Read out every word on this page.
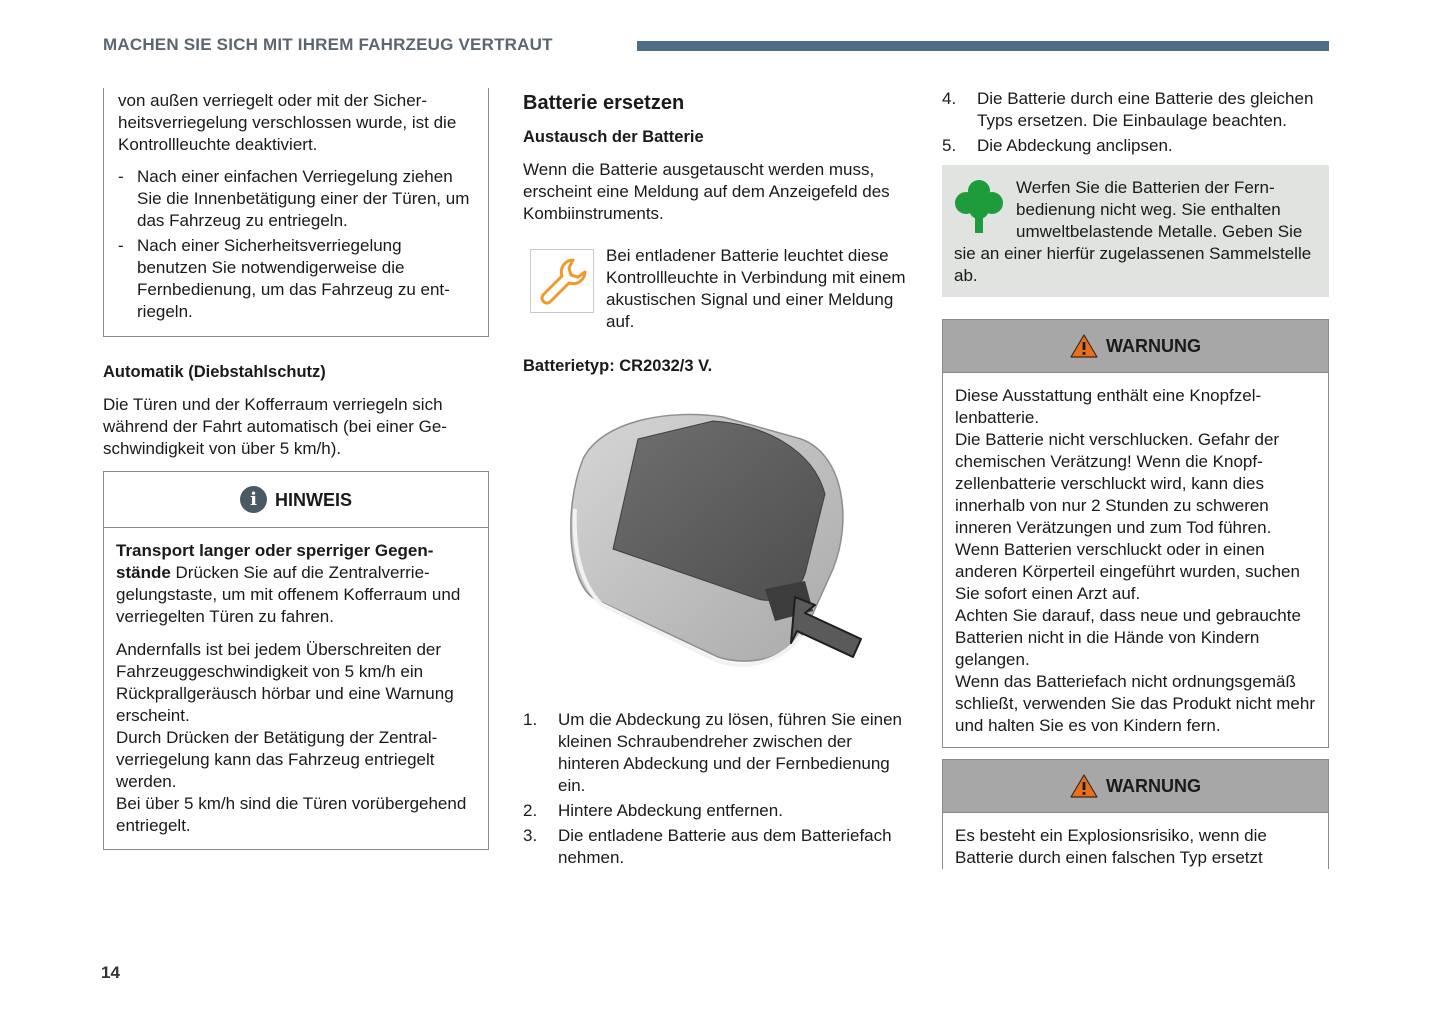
MACHEN SIE SICH MIT IHREM FAHRZEUG VERTRAUT

von außen verriegelt oder mit der Sicherheitsverriegelung verschlossen wurde, ist die Kontrollleuchte deaktiviert.

- Nach einer einfachen Verriegelung ziehen Sie die Innenbetätigung einer der Türen, um das Fahrzeug zu entriegeln.
- Nach einer Sicherheitsverriegelung benutzen Sie notwendigerweise die Fernbedienung, um das Fahrzeug zu entriegeln.

Automatik (Diebstahlschutz)

Die Türen und der Kofferraum verriegeln sich während der Fahrt automatisch (bei einer Geschwindigkeit von über 5 km/h).

i	HINWEIS

Transport langer oder sperriger Gegenstände Drücken Sie auf die Zentralverriegelungstaste, um mit offenem Kofferraum und verriegelten Türen zu fahren.

Andernfalls ist bei jedem Überschreiten der Fahrzeuggeschwindigkeit von 5 km/h ein Rückprallgeräusch hörbar und eine Warnung erscheint.

Durch Drücken der Betätigung der Zentralverriegelung kann das Fahrzeug entriegelt werden.

Bei über 5 km/h sind die Türen vorübergehend entriegelt.

Batterie ersetzen

Austausch der Batterie

Wenn die Batterie ausgetauscht werden muss, erscheint eine Meldung auf dem Anzeigefeld des Kombiinstruments.

Bei entladener Batterie leuchtet diese Kontrollleuchte in Verbindung mit einem akustischen Signal und einer Meldung auf.

Batterietyp: CR2032/3 V.

1. Um die Abdeckung zu lösen, führen Sie einen kleinen Schraubendreher zwischen der hinteren Abdeckung und der Fernbedienung ein.
2. Hintere Abdeckung entfernen.
3. Die entladene Batterie aus dem Batteriefach nehmen.
4. Die Batterie durch eine Batterie des gleichen Typs ersetzen. Die Einbaulage beachten.
5. Die Abdeckung anclipsen.

Werfen Sie die Batterien der Fernbedienung nicht weg. Sie enthalten umweltbelastende Metalle. Geben Sie sie an einer hierfür zugelassenen Sammelstelle ab.

WARNUNG

Diese Ausstattung enthält eine Knopfzellenbatterie.

Die Batterie nicht verschlucken. Gefahr der chemischen Verätzung! Wenn die Knopfzellenbatterie verschluckt wird, kann dies innerhalb von nur 2 Stunden zu schweren inneren Verätzungen und zum Tod führen.

Wenn Batterien verschluckt oder in einen anderen Körperteil eingeführt wurden, suchen Sie sofort einen Arzt auf.

Achten Sie darauf, dass neue und gebrauchte Batterien nicht in die Hände von Kindern gelangen.

Wenn das Batteriefach nicht ordnungsgemäß schließt, verwenden Sie das Produkt nicht mehr und halten Sie es von Kindern fern.

WARNUNG

Es besteht ein Explosionsrisiko, wenn die Batterie durch einen falschen Typ ersetzt

14
